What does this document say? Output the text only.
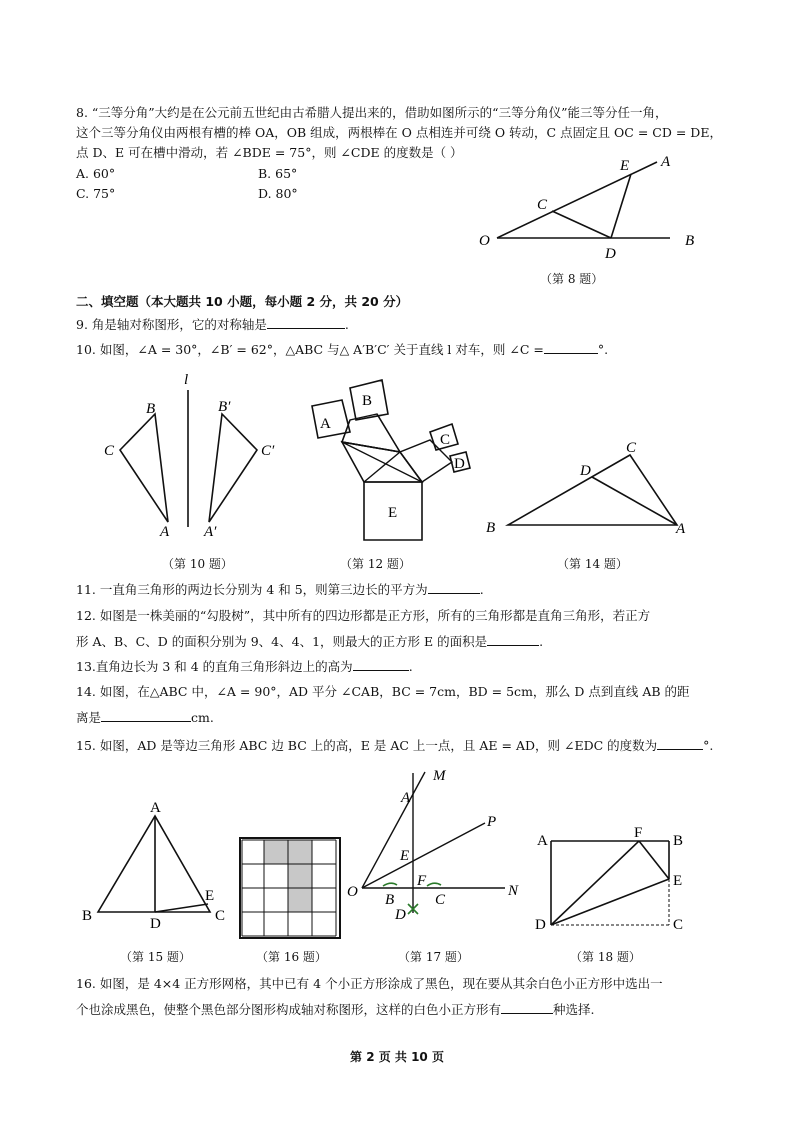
8. “三等分角”大约是在公元前五世纪由古希腊人提出来的，借助如图所示的“三等分角仪”能三等分任一角，
这个三等分角仪由两根有槽的棒 OA，OB 组成，两根棒在 O 点相连并可绕 O 转动，C 点固定且 OC = CD = DE，
点 D、E 可在槽中滑动，若 ∠BDE = 75°，则 ∠CDE 的度数是（ ）
A. 60°	B. 65°
C. 75°	D. 80°
O	B
A
C
D
E
（第 8 题）
二、填空题（本大题共 10 小题，每小题 2 分，共 20 分）
9. 角是轴对称图形，它的对称轴是	.
10. 如图，∠A = 30°，∠B′ = 62°，△ABC 与△ A′B′C′ 关于直线 l 对车，则 ∠C =	°.
l
B
C
A
B′
C′
A′
（第 10 题）
E
A
B
C
D
（第 12 题）
B	A
C
D
（第 14 题）
11. 一直角三角形的两边长分别为 4 和 5，则第三边长的平方为	.
12. 如图是一株美丽的“勾股树”，其中所有的四边形都是正方形，所有的三角形都是直角三角形，若正方
形 A、B、C、D 的面积分别为 9、4、4、1，则最大的正方形 E 的面积是	.
13.直角边长为 3 和 4 的直角三角形斜边上的高为	.
14. 如图，在△ABC 中，∠A = 90°，AD 平分 ∠CAB，BC = 7cm，BD = 5cm，那么 D 点到直线 AB 的距
离是	cm.
15. 如图，AD 是等边三角形 ABC 边 BC 上的高，E 是 AC 上一点，且 AE = AD，则 ∠EDC 的度数为	°.
A
B	C
D
E
（第 15 题）	（第 16 题）
M
A
P
E
O
F
N
B	C
D
（第 17 题）
A	F B
E
D	C
（第 18 题）
16. 如图，是 4×4 正方形网格，其中已有 4 个小正方形涂成了黑色，现在要从其余白色小正方形中选出一
个也涂成黑色，使整个黑色部分图形构成轴对称图形，这样的白色小正方形有	种选择.
第 2 页 共 10 页
